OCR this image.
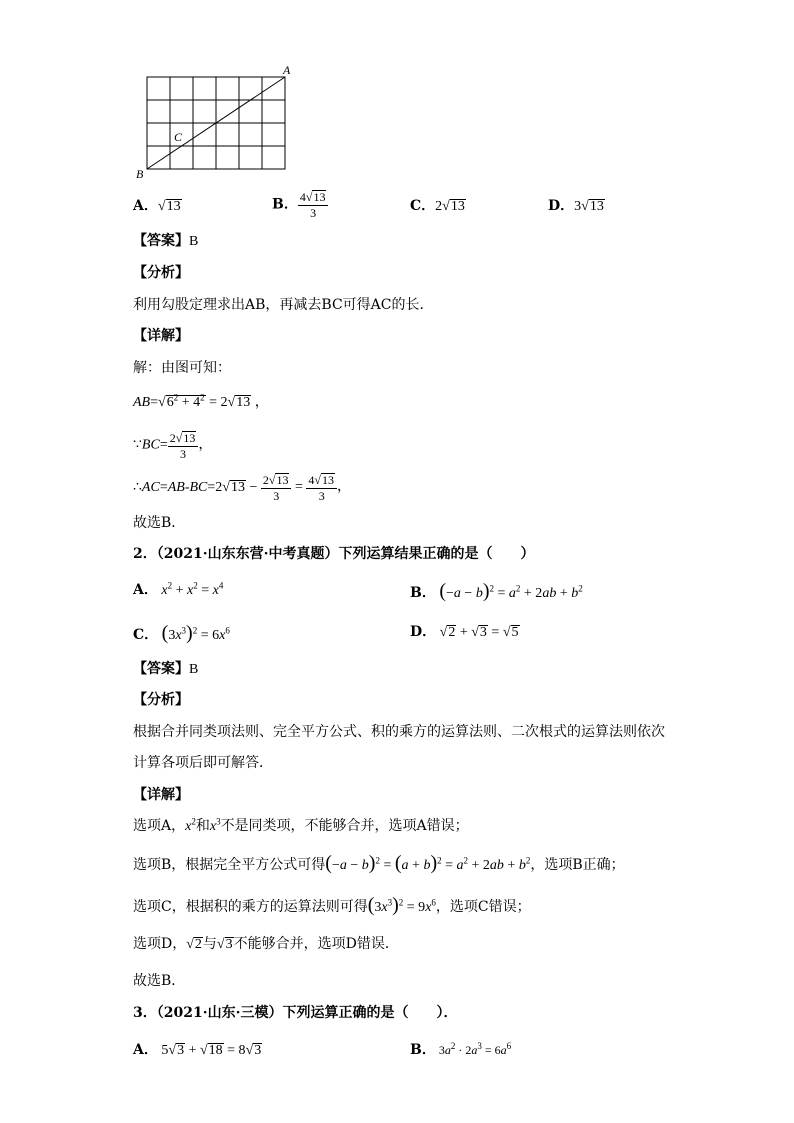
A
B
C
A．√13	B． $\frac{4√13}{3}$	C．2√13	D．3√13
【答案】B
【分析】
利用勾股定理求出AB，再减去BC可得AC的长．
【详解】
解：由图可知：
$AB=√6^2 + 4^2 = 2√13$ ，
∵BC= $\frac{2√13}{3}$ ，
∴AC=AB-BC=2√13 − $\frac{2√13}{3} = \frac{4√13}{3}$ ，
故选B．
2．（2021·山东东营·中考真题）下列运算结果正确的是（　　）
A． $x^2 + x^2 = x^4$	B． $(-a - b)^2 = a^2 + 2ab + b^2$
C． $(3x^3)^2 = 6x^6$	D． √2 + √3 = √5
【答案】B
【分析】
根据合并同类项法则、完全平方公式、积的乘方的运算法则、二次根式的运算法则依次
计算各项后即可解答．
【详解】
选项A，$x^2$和$x^3$不是同类项，不能够合并，选项A错误；
选项B，根据完全平方公式可得$(-a - b)^2 = (a + b)^2 = a^2 + 2ab + b^2$，选项B正确；
选项C，根据积的乘方的运算法则可得$(3x^3)^2 = 9x^6$，选项C错误；
选项D，√2与√3不能够合并，选项D错误．
故选B．
3．（2021·山东·三模）下列运算正确的是（　　）．
A． 5√3 + √18 = 8√3	B． $3a^2 \cdot 2a^3 = 6a^6$
